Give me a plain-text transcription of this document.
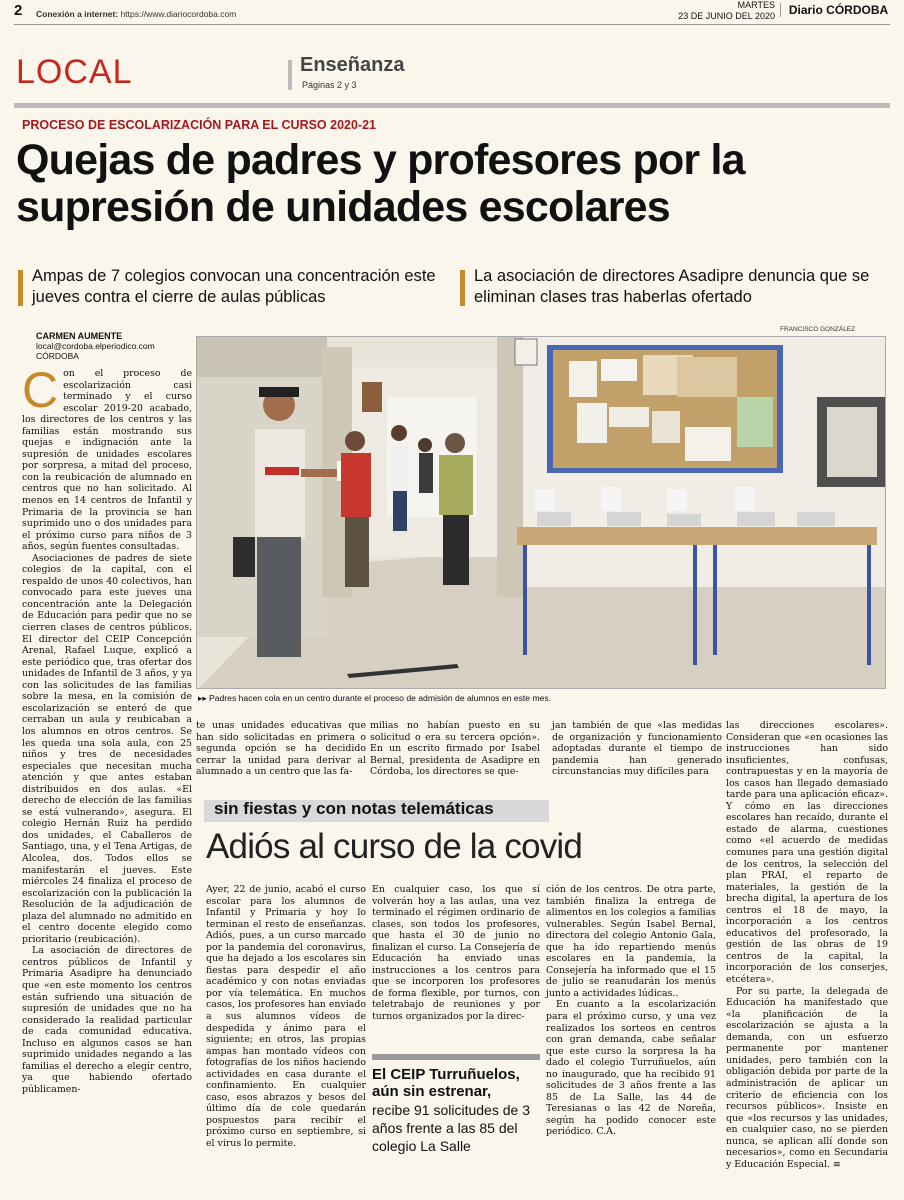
2 Conexión a internet: https://www.diariocordoba.com
MARTES
23 DE JUNIO DEL 2020	Diario CÓRDOBA
LOCAL	Enseñanza
Páginas 2 y 3
PROCESO DE ESCOLARIZACIÓN PARA EL CURSO 2020-21
Quejas de padres y profesores por la supresión de unidades escolares
Ampas de 7 colegios convocan una concentración este jueves contra el cierre de aulas públicas
La asociación de directores Asadipre denuncia que se eliminan clases tras haberlas ofertado
CARMEN AUMENTE
local@cordoba.elperiodico.com
CÓRDOBA
FRANCISCO GONZÁLEZ

Con el proceso de escolarización casi terminado y el curso escolar 2019-20 acabado, los directores de los centros y las familias están mostrando sus quejas e indignación ante la supresión de unidades escolares por sorpresa, a mitad del proceso, con la reubicación de alumnado en centros que no han solicitado. Al menos en 14 centros de Infantil y Primaria de la provincia se han suprimido uno o dos unidades para el próximo curso para niños de 3 años, según fuentes consultadas.

Asociaciones de padres de siete colegios de la capital, con el respaldo de unos 40 colectivos, han convocado para este jueves una concentración ante la Delegación de Educación para pedir que no se cierren clases de centros públicos. El director del CEIP Concepción Arenal, Rafael Luque, explicó a este periódico que, tras ofertar dos unidades de Infantil de 3 años, y ya con las solicitudes de las familias sobre la mesa, en la comisión de escolarización se enteró de que cerraban un aula y reubicaban a los alumnos en otros centros. Se les queda una sola aula, con 25 niños y tres de necesidades especiales que necesitan mucha atención y que antes estaban distribuidos en dos aulas. «El derecho de elección de las familias se está vulnerando», asegura. El colegio Hernán Ruiz ha perdido dos unidades, el Caballeros de Santiago, una, y el Tena Artigas, de Alcolea, dos. Todos ellos se manifestarán el jueves. Este miércoles 24 finaliza el proceso de escolarización con la publicación la Resolución de la adjudicación de plaza del alumnado no admitido en el centro docente elegido como prioritario (reubicación).

La asociación de directores de centros públicos de Infantil y Primaria Asadipre ha denunciado que «en este momento los centros están sufriendo una situación de supresión de unidades que no ha considerado la realidad particular de cada comunidad educativa. Incluso en algunos casos se han suprimido unidades negando a las familias el derecho a elegir centro, ya que habiendo ofertado públicamen-

▸▸ Padres hacen cola en un centro durante el proceso de admisión de alumnos en este mes.

te unas unidades educativas que han sido solicitadas en primera o segunda opción se ha decidido cerrar la unidad para derivar al alumnado a un centro que las fa-

milias no habían puesto en su solicitud o era su tercera opción». En un escrito firmado por Isabel Bernal, presidenta de Asadipre en Córdoba, los directores se que-

jan también de que «las medidas de organización y funcionamiento adoptadas durante el tiempo de pandemia han generado circunstancias muy difíciles para

las direcciones escolares». Consideran que «en ocasiones las instrucciones han sido insuficientes, confusas, contrapuestas y en la mayoría de los casos han llegado demasiado tarde para una aplicación eficaz». Y cómo en las direcciones escolares han recaído, durante el estado de alarma, cuestiones como «el acuerdo de medidas comunes para una gestión digital de los centros, la selección del plan PRAI, el reparto de materiales, la gestión de la brecha digital, la apertura de los centros el 18 de mayo, la incorporación a los centros educativos del profesorado, la gestión de las obras de 19 centros de la capital, la incorporación de los conserjes, etcétera».

Por su parte, la delegada de Educación ha manifestado que «la planificación de la escolarización se ajusta a la demanda, con un esfuerzo permanente por mantener unidades, pero también con la obligación debida por parte de la administración de aplicar un criterio de eficiencia con los recursos públicos». Insiste en que «los recursos y las unidades, en cualquier caso, no se pierden nunca, se aplican allí donde son necesarios», como en Secundaria y Educación Especial. ≡

sin fiestas y con notas telemáticas
Adiós al curso de la covid

Ayer, 22 de junio, acabó el curso escolar para los alumnos de Infantil y Primaria y hoy lo terminan el resto de enseñanzas. Adiós, pues, a un curso marcado por la pandemia del coronavirus, que ha dejado a los escolares sin fiestas para despedir el año académico y con notas enviadas por vía telemática. En muchos casos, los profesores han enviado a sus alumnos vídeos de despedida y ánimo para el siguiente; en otros, las propias ampas han montado vídeos con fotografías de los niños haciendo actividades en casa durante el confinamiento. En cualquier caso, esos abrazos y besos del último día de cole quedarán pospuestos para recibir el próximo curso en septiembre, si el virus lo permite.

En cualquier caso, los que sí volverán hoy a las aulas, una vez terminado el régimen ordinario de clases, son todos los profesores, que hasta el 30 de junio no finalizan el curso. La Consejería de Educación ha enviado unas instrucciones a los centros para que se incorporen los profesores de forma flexible, por turnos, con teletrabajo de reuniones y por turnos organizados por la direc-

ción de los centros. De otra parte, también finaliza la entrega de alimentos en los colegios a familias vulnerables. Según Isabel Bernal, directora del colegio Antonio Gala, que ha ido repartiendo menús escolares en la pandemia, la Consejería ha informado que el 15 de julio se reanudarán los menús junto a actividades lúdicas..

En cuanto a la escolarización para el próximo curso, y una vez realizados los sorteos en centros con gran demanda, cabe señalar que este curso la sorpresa la ha dado el colegio Turruñuelos, aún no inaugurado, que ha recibido 91 solicitudes de 3 años frente a las 85 de La Salle, las 44 de Teresianas o las 42 de Noreña, según ha podido conocer este periódico. C.A.

El CEIP Turruñuelos, aún sin estrenar,
recibe 91 solicitudes de 3 años frente a las 85 del colegio La Salle
